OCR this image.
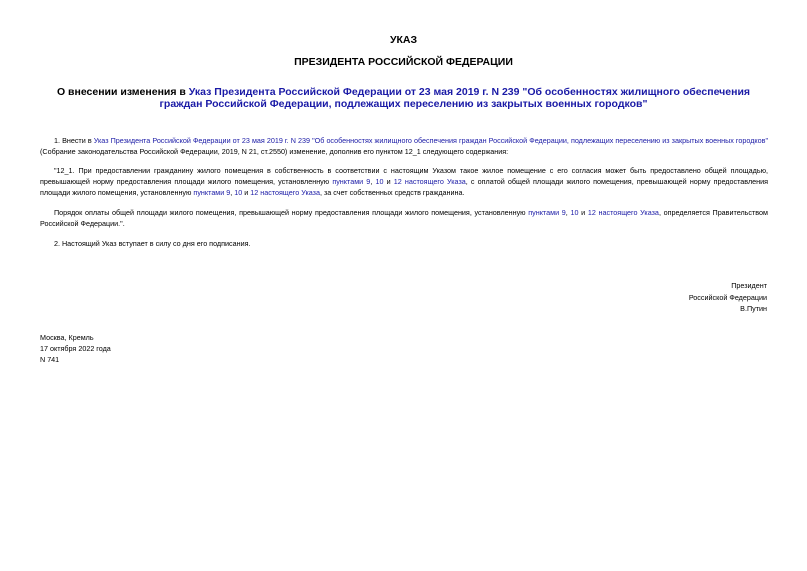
УКАЗ
ПРЕЗИДЕНТА РОССИЙСКОЙ ФЕДЕРАЦИИ
О внесении изменения в Указ Президента Российской Федерации от 23 мая 2019 г. N 239 "Об особенностях жилищного обеспечения граждан Российской Федерации, подлежащих переселению из закрытых военных городков"
1. Внести в Указ Президента Российской Федерации от 23 мая 2019 г. N 239 "Об особенностях жилищного обеспечения граждан Российской Федерации, подлежащих переселению из закрытых военных городков" (Собрание законодательства Российской Федерации, 2019, N 21, ст.2550) изменение, дополнив его пунктом 12_1 следующего содержания:
"12_1. При предоставлении гражданину жилого помещения в собственность в соответствии с настоящим Указом такое жилое помещение с его согласия может быть предоставлено общей площадью, превышающей норму предоставления площади жилого помещения, установленную пунктами 9, 10 и 12 настоящего Указа, с оплатой общей площади жилого помещения, превышающей норму предоставления площади жилого помещения, установленную пунктами 9, 10 и 12 настоящего Указа, за счет собственных средств гражданина.
Порядок оплаты общей площади жилого помещения, превышающей норму предоставления площади жилого помещения, установленную пунктами 9, 10 и 12 настоящего Указа, определяется Правительством Российской Федерации.".
2. Настоящий Указ вступает в силу со дня его подписания.
Президент
Российской Федерации
В.Путин
Москва, Кремль
17 октября 2022 года
N 741
